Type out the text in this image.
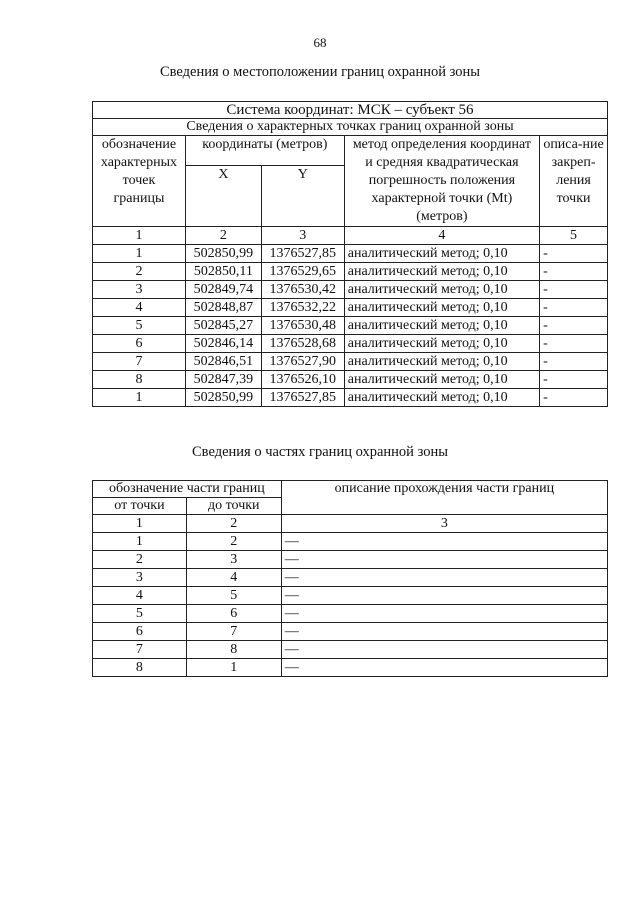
68
Сведения о местоположении границ охранной зоны
Система координат: МСК – субъект 56				
Сведения о характерных точках границ охранной зоны				
обозначение характерных точек границы	координаты (метров)		метод определения координат и средняя квадратическая погрешность положения характерной точки (Mt) (метров)	описа-ние закреп-ления точки
	X	Y		
1	2	3	4	5
1	502850,99	1376527,85	аналитический метод; 0,10	-
2	502850,11	1376529,65	аналитический метод; 0,10	-
3	502849,74	1376530,42	аналитический метод; 0,10	-
4	502848,87	1376532,22	аналитический метод; 0,10	-
5	502845,27	1376530,48	аналитический метод; 0,10	-
6	502846,14	1376528,68	аналитический метод; 0,10	-
7	502846,51	1376527,90	аналитический метод; 0,10	-
8	502847,39	1376526,10	аналитический метод; 0,10	-
1	502850,99	1376527,85	аналитический метод; 0,10	-
Сведения о частях границ охранной зоны
обозначение части границ		описание прохождения части границ
от точки	до точки	
1	2	3
1	2	—
2	3	—
3	4	—
4	5	—
5	6	—
6	7	—
7	8	—
8	1	—
